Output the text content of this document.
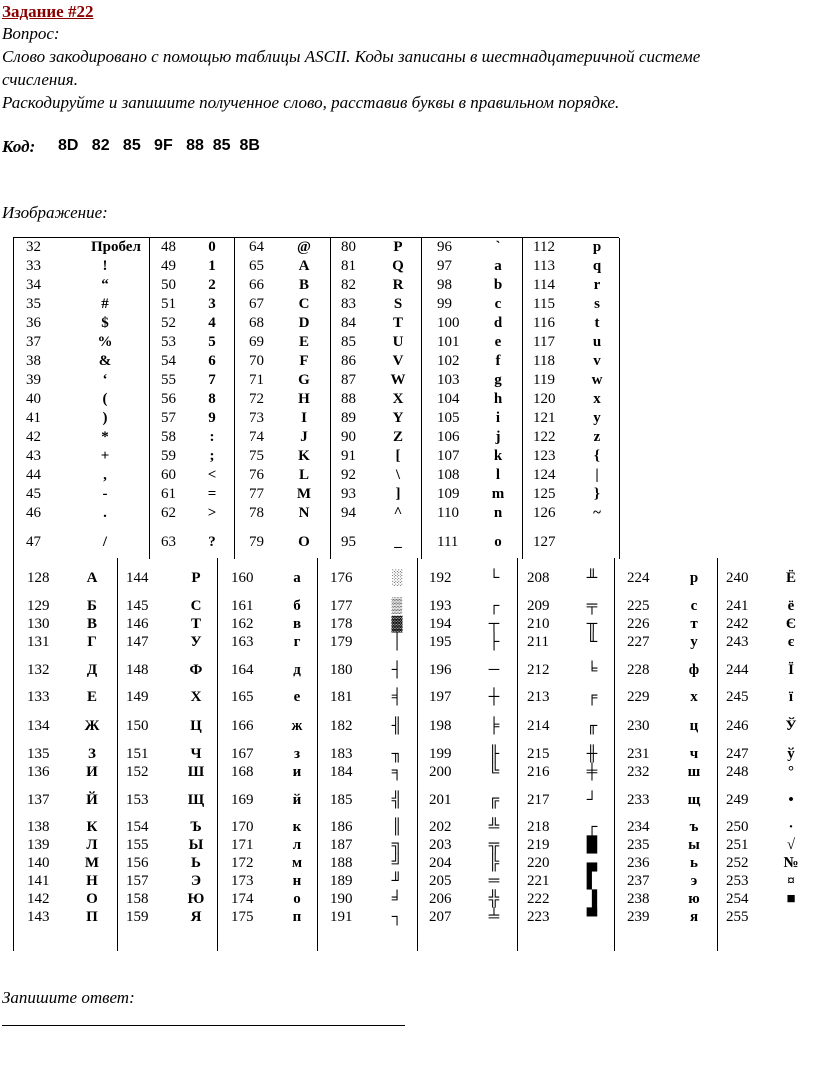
Задание #22
Вопрос:
Слово закодировано с помощью таблицы ASCII. Коды записаны в шестнадцатеричной системе
счисления.
Раскодируйте и запишите полученное слово, расставив буквы в правильном порядке.
Код: 8D   82   85   9F   88  85  8B
Изображение:
32	Пробел
33	!
34	“
35	#
36	$
37	%
38	&
39	‘
40	(
41	)
42	*
43	+
44	,
45	-
46	.
47	/
48	0
49	1
50	2
51	3
52	4
53	5
54	6
55	7
56	8
57	9
58	:
59	;
60	<
61	=
62	>
63	?
64	@
65	A
66	B
67	C
68	D
69	E
70	F
71	G
72	H
73	I
74	J
75	K
76	L
77	M
78	N
79	O
80	P
81	Q
82	R
83	S
84	T
85	U
86	V
87	W
88	X
89	Y
90	Z
91	[
92	\
93	]
94	^
95	_
96	`
97	a
98	b
99	c
100	d
101	e
102	f
103	g
104	h
105	i
106	j
107	k
108	l
109	m
110	n
111	o
112	p
113	q
114	r
115	s
116	t
117	u
118	v
119	w
120	x
121	y
122	z
123	{
124	|
125	}
126	~
127
128	А
129	Б
130	В
131	Г
132	Д
133	Е
134	Ж
135	З
136	И
137	Й
138	К
139	Л
140	М
141	Н
142	О
143	П
144	Р
145	С
146	Т
147	У
148	Ф
149	Х
150	Ц
151	Ч
152	Ш
153	Щ
154	Ъ
155	Ы
156	Ь
157	Э
158	Ю
159	Я
160	а
161	б
162	в
163	г
164	д
165	е
166	ж
167	з
168	и
169	й
170	к
171	л
172	м
173	н
174	о
175	п
176	░
177	▒
178	▓
179	│
180	┤
181	╡
182	╢
183	╖
184	╕
185	╣
186	║
187	╗
188	╝
189	╜
190	╛
191	┐
192	└
193	┌
194	┬
195	├
196	─
197	┼
198	╞
199	╟
200	╚
201	╔
202	╩
203	╦
204	╠
205	═
206	╬
207	╧
208	╨
209	╤
210	╥
211	╙
212	╘
213	╒
214	╓
215	╫
216	╪
217	┘
218	┌
219	█
220	▄
221	▌
222	▐
223	▀
224	р
225	с
226	т
227	у
228	ф
229	х
230	ц
231	ч
232	ш
233	щ
234	ъ
235	ы
236	ь
237	э
238	ю
239	я
240	Ё
241	ё
242	Є
243	є
244	Ї
245	ї
246	Ў
247	ў
248	°
249	•
250	·
251	√
252	№
253	¤
254	■
255
Запишите ответ:
